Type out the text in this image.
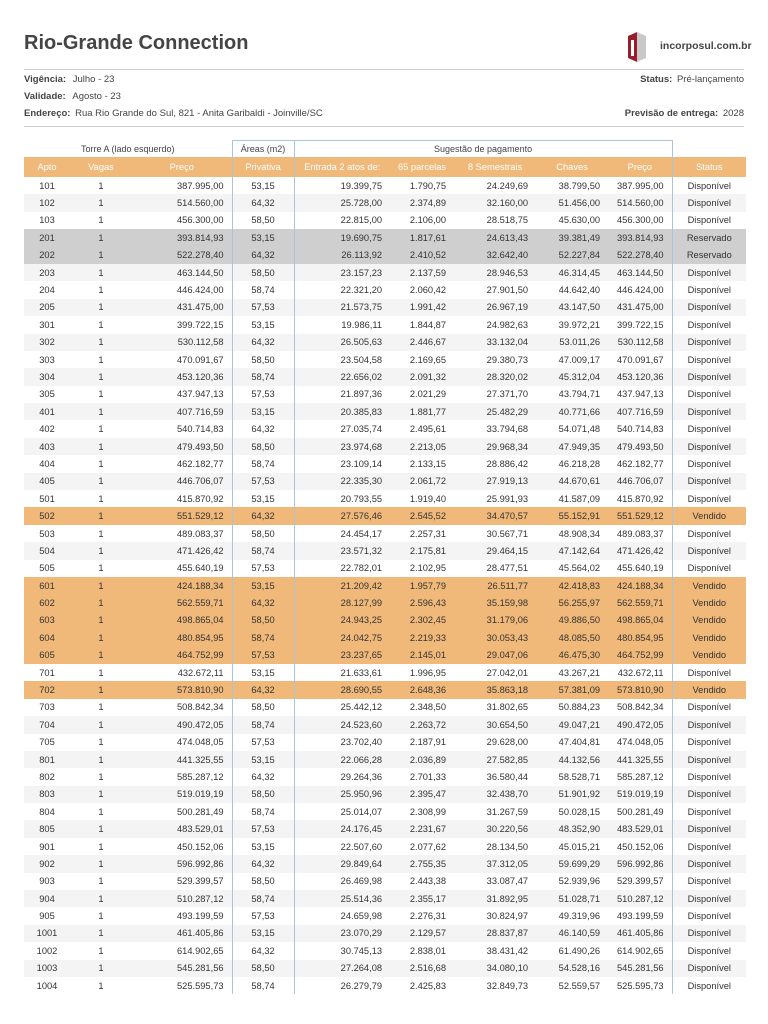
Rio-Grande Connection	incorposul.com.br
Vigência: Julho - 23
Validade: Agosto - 23
Endereço: Rua Rio Grande do Sul, 821 - Anita Garibaldi - Joinville/SC
Status: Pré-lançamento
Previsão de entrega: 2028
Torre A (lado esquerdo)			Áreas (m2)	Sugestão de pagamento					
Apto	Vagas	Preço	Privativa	Entrada 2 atos de:	65 parcelas	8 Semestrais	Chaves	Preço	Status
101	1	387.995,00	53,15	19.399,75	1.790,75	24.249,69	38.799,50	387.995,00	Disponível
102	1	514.560,00	64,32	25.728,00	2.374,89	32.160,00	51.456,00	514.560,00	Disponível
103	1	456.300,00	58,50	22.815,00	2.106,00	28.518,75	45.630,00	456.300,00	Disponível
201	1	393.814,93	53,15	19.690,75	1.817,61	24.613,43	39.381,49	393.814,93	Reservado
202	1	522.278,40	64,32	26.113,92	2.410,52	32.642,40	52.227,84	522.278,40	Reservado
203	1	463.144,50	58,50	23.157,23	2.137,59	28.946,53	46.314,45	463.144,50	Disponível
204	1	446.424,00	58,74	22.321,20	2.060,42	27.901,50	44.642,40	446.424,00	Disponível
205	1	431.475,00	57,53	21.573,75	1.991,42	26.967,19	43.147,50	431.475,00	Disponível
301	1	399.722,15	53,15	19.986,11	1.844,87	24.982,63	39.972,21	399.722,15	Disponível
302	1	530.112,58	64,32	26.505,63	2.446,67	33.132,04	53.011,26	530.112,58	Disponível
303	1	470.091,67	58,50	23.504,58	2.169,65	29.380,73	47.009,17	470.091,67	Disponível
304	1	453.120,36	58,74	22.656,02	2.091,32	28.320,02	45.312,04	453.120,36	Disponível
305	1	437.947,13	57,53	21.897,36	2.021,29	27.371,70	43.794,71	437.947,13	Disponível
401	1	407.716,59	53,15	20.385,83	1.881,77	25.482,29	40.771,66	407.716,59	Disponível
402	1	540.714,83	64,32	27.035,74	2.495,61	33.794,68	54.071,48	540.714,83	Disponível
403	1	479.493,50	58,50	23.974,68	2.213,05	29.968,34	47.949,35	479.493,50	Disponível
404	1	462.182,77	58,74	23.109,14	2.133,15	28.886,42	46.218,28	462.182,77	Disponível
405	1	446.706,07	57,53	22.335,30	2.061,72	27.919,13	44.670,61	446.706,07	Disponível
501	1	415.870,92	53,15	20.793,55	1.919,40	25.991,93	41.587,09	415.870,92	Disponível
502	1	551.529,12	64,32	27.576,46	2.545,52	34.470,57	55.152,91	551.529,12	Vendido
503	1	489.083,37	58,50	24.454,17	2.257,31	30.567,71	48.908,34	489.083,37	Disponível
504	1	471.426,42	58,74	23.571,32	2.175,81	29.464,15	47.142,64	471.426,42	Disponível
505	1	455.640,19	57,53	22.782,01	2.102,95	28.477,51	45.564,02	455.640,19	Disponível
601	1	424.188,34	53,15	21.209,42	1.957,79	26.511,77	42.418,83	424.188,34	Vendido
602	1	562.559,71	64,32	28.127,99	2.596,43	35.159,98	56.255,97	562.559,71	Vendido
603	1	498.865,04	58,50	24.943,25	2.302,45	31.179,06	49.886,50	498.865,04	Vendido
604	1	480.854,95	58,74	24.042,75	2.219,33	30.053,43	48.085,50	480.854,95	Vendido
605	1	464.752,99	57,53	23.237,65	2.145,01	29.047,06	46.475,30	464.752,99	Vendido
701	1	432.672,11	53,15	21.633,61	1.996,95	27.042,01	43.267,21	432.672,11	Disponível
702	1	573.810,90	64,32	28.690,55	2.648,36	35.863,18	57.381,09	573.810,90	Vendido
703	1	508.842,34	58,50	25.442,12	2.348,50	31.802,65	50.884,23	508.842,34	Disponível
704	1	490.472,05	58,74	24.523,60	2.263,72	30.654,50	49.047,21	490.472,05	Disponível
705	1	474.048,05	57,53	23.702,40	2.187,91	29.628,00	47.404,81	474.048,05	Disponível
801	1	441.325,55	53,15	22.066,28	2.036,89	27.582,85	44.132,56	441.325,55	Disponível
802	1	585.287,12	64,32	29.264,36	2.701,33	36.580,44	58.528,71	585.287,12	Disponível
803	1	519.019,19	58,50	25.950,96	2.395,47	32.438,70	51.901,92	519.019,19	Disponível
804	1	500.281,49	58,74	25.014,07	2.308,99	31.267,59	50.028,15	500.281,49	Disponível
805	1	483.529,01	57,53	24.176,45	2.231,67	30.220,56	48.352,90	483.529,01	Disponível
901	1	450.152,06	53,15	22.507,60	2.077,62	28.134,50	45.015,21	450.152,06	Disponível
902	1	596.992,86	64,32	29.849,64	2.755,35	37.312,05	59.699,29	596.992,86	Disponível
903	1	529.399,57	58,50	26.469,98	2.443,38	33.087,47	52.939,96	529.399,57	Disponível
904	1	510.287,12	58,74	25.514,36	2.355,17	31.892,95	51.028,71	510.287,12	Disponível
905	1	493.199,59	57,53	24.659,98	2.276,31	30.824,97	49.319,96	493.199,59	Disponível
1001	1	461.405,86	53,15	23.070,29	2.129,57	28.837,87	46.140,59	461.405,86	Disponível
1002	1	614.902,65	64,32	30.745,13	2.838,01	38.431,42	61.490,26	614.902,65	Disponível
1003	1	545.281,56	58,50	27.264,08	2.516,68	34.080,10	54.528,16	545.281,56	Disponível
1004	1	525.595,73	58,74	26.279,79	2.425,83	32.849,73	52.559,57	525.595,73	Disponível
